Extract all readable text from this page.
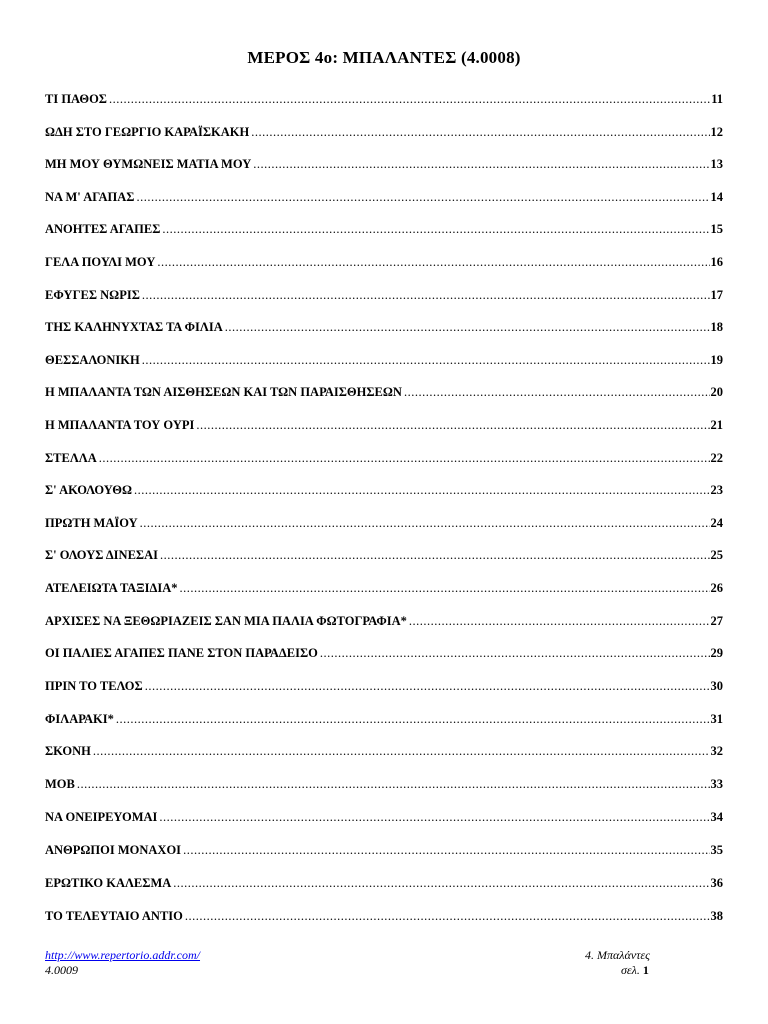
ΜΕΡΟΣ 4ο: ΜΠΑΛΑΝΤΕΣ (4.0008)
ΤΙ ΠΑΘΟΣ .....	11
ΩΔΗ ΣΤΟ ΓΕΩΡΓΙΟ ΚΑΡΑΪΣΚΑΚΗ .....	12
ΜΗ ΜΟΥ ΘΥΜΩΝΕΙΣ ΜΑΤΙΑ ΜΟΥ .....	13
ΝΑ Μ' ΑΓΑΠΑΣ .....	14
ΑΝΟΗΤΕΣ ΑΓΑΠΕΣ .....	15
ΓΕΛΑ ΠΟΥΛΙ ΜΟΥ .....	16
ΕΦΥΓΕΣ ΝΩΡΙΣ .....	17
ΤΗΣ ΚΑΛΗΝΥΧΤΑΣ ΤΑ ΦΙΛΙΑ .....	18
ΘΕΣΣΑΛΟΝΙΚΗ .....	19
Η ΜΠΑΛΑΝΤΑ ΤΩΝ ΑΙΣΘΗΣΕΩΝ ΚΑΙ ΤΩΝ ΠΑΡΑΙΣΘΗΣΕΩΝ .....	20
Η ΜΠΑΛΑΝΤΑ ΤΟΥ ΟΥΡΙ .....	21
ΣΤΕΛΛΑ .....	22
Σ' ΑΚΟΛΟΥΘΩ .....	23
ΠΡΩΤΗ ΜΑΪΟΥ .....	24
Σ' ΟΛΟΥΣ ΔΙΝΕΣΑΙ .....	25
ΑΤΕΛΕΙΩΤΑ ΤΑΞΙΔΙΑ* .....	26
ΑΡΧΙΣΕΣ ΝΑ ΞΕΘΩΡΙΑΖΕΙΣ ΣΑΝ ΜΙΑ ΠΑΛΙΑ ΦΩΤΟΓΡΑΦΙΑ* .....	27
ΟΙ ΠΑΛΙΕΣ ΑΓΑΠΕΣ ΠΑΝΕ ΣΤΟΝ ΠΑΡΑΔΕΙΣΟ .....	29
ΠΡΙΝ ΤΟ ΤΕΛΟΣ .....	30
ΦΙΛΑΡΑΚΙ* .....	31
ΣΚΟΝΗ .....	32
ΜΟΒ .....	33
ΝΑ ΟΝΕΙΡΕΥΟΜΑΙ .....	34
ΑΝΘΡΩΠΟΙ ΜΟΝΑΧΟΙ .....	35
ΕΡΩΤΙΚΟ ΚΑΛΕΣΜΑ .....	36
ΤΟ ΤΕΛΕΥΤΑΙΟ ΑΝΤΙΟ .....	38
http://www.repertorio.addr.com/
4.0009
4. Μπαλάντες
σελ. 1
